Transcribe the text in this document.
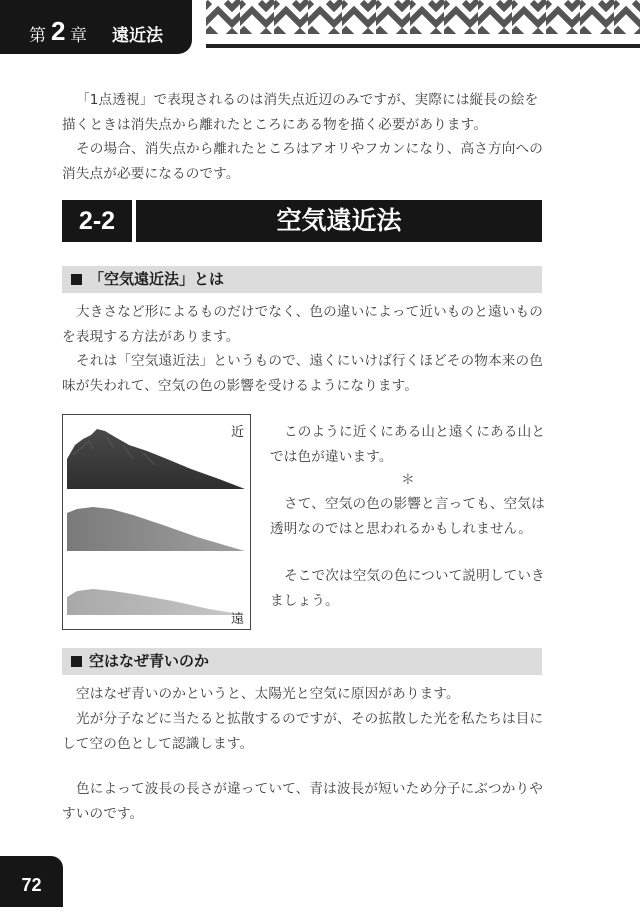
第 2 章 遠近法

「1点透視」で表現されるのは消失点近辺のみですが、実際には縦長の絵を描くときは消失点から離れたところにある物を描く必要があります。

その場合、消失点から離れたところはアオリやフカンになり、高さ方向への消失点が必要になるのです。

2-2	空気遠近法
「空気遠近法」とは

大きさなど形によるものだけでなく、色の違いによって近いものと遠いものを表現する方法があります。

それは「空気遠近法」というもので、遠くにいけば行くほどその物本来の色味が失われて、空気の色の影響を受けるようになります。

近
遠

このように近くにある山と遠くにある山とでは色が違います。

＊

さて、空気の色の影響と言っても、空気は透明なのではと思われるかもしれません。

そこで次は空気の色について説明していきましょう。

空はなぜ青いのか

空はなぜ青いのかというと、太陽光と空気に原因があります。

光が分子などに当たると拡散するのですが、その拡散した光を私たちは目にして空の色として認識します。

色によって波長の長さが違っていて、青は波長が短いため分子にぶつかりやすいのです。

72
